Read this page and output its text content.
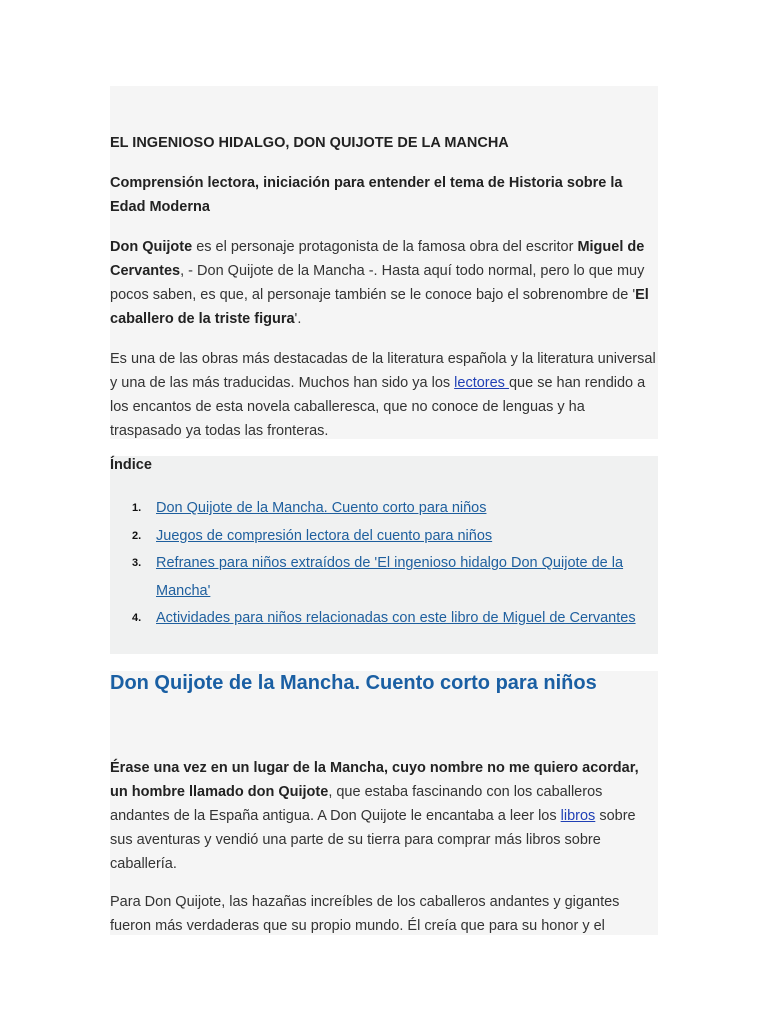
EL INGENIOSO HIDALGO, DON QUIJOTE DE LA MANCHA

Comprensión lectora, iniciación para entender el tema de Historia sobre la Edad Moderna

Don Quijote es el personaje protagonista de la famosa obra del escritor Miguel de Cervantes, - Don Quijote de la Mancha -. Hasta aquí todo normal, pero lo que muy pocos saben, es que, al personaje también se le conoce bajo el sobrenombre de 'El caballero de la triste figura'.

Es una de las obras más destacadas de la literatura española y la literatura universal y una de las más traducidas. Muchos han sido ya los lectores que se han rendido a los encantos de esta novela caballeresca, que no conoce de lenguas y ha traspasado ya todas las fronteras.

Índice

1. Don Quijote de la Mancha. Cuento corto para niños
2. Juegos de compresión lectora del cuento para niños
3. Refranes para niños extraídos de 'El ingenioso hidalgo Don Quijote de la Mancha'
4. Actividades para niños relacionadas con este libro de Miguel de Cervantes
Don Quijote de la Mancha. Cuento corto para niños

Érase una vez en un lugar de la Mancha, cuyo nombre no me quiero acordar, un hombre llamado don Quijote, que estaba fascinando con los caballeros andantes de la España antigua. A Don Quijote le encantaba a leer los libros sobre sus aventuras y vendió una parte de su tierra para comprar más libros sobre caballería.

Para Don Quijote, las hazañas increíbles de los caballeros andantes y gigantes fueron más verdaderas que su propio mundo. Él creía que para su honor y el
